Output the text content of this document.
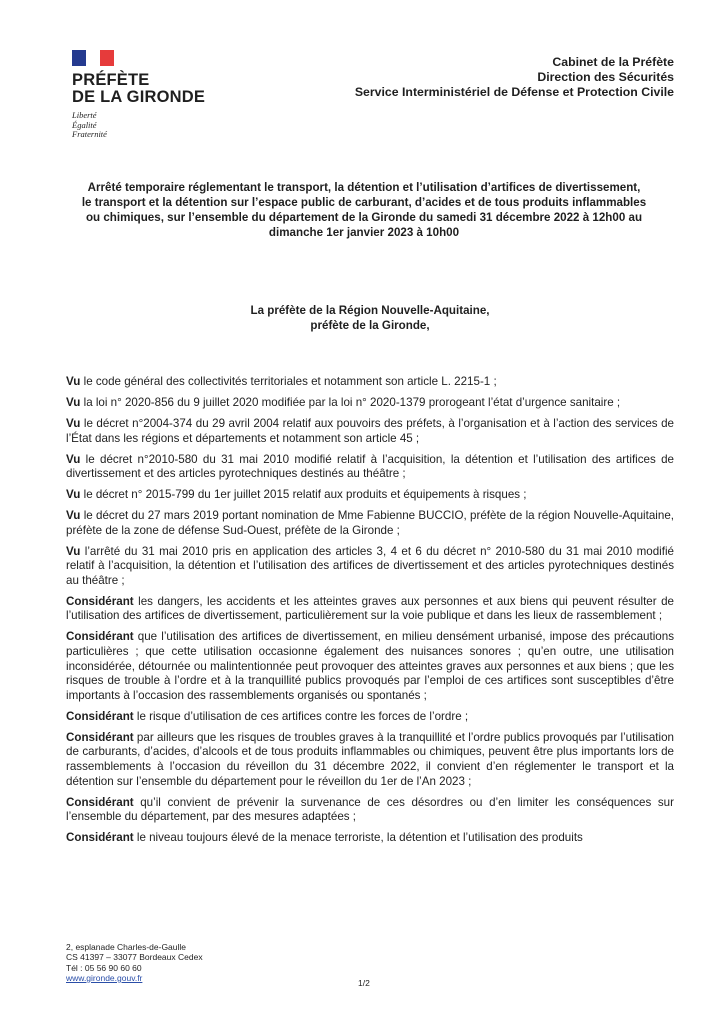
PRÉFÈTE
DE LA GIRONDE
Liberté
Égalité
Fraternité
Cabinet de la Préfète
Direction des Sécurités
Service Interministériel de Défense et Protection Civile
Arrêté temporaire réglementant le transport, la détention et l’utilisation d’artifices de divertissement,
le transport et la détention sur l’espace public de carburant, d’acides et de tous produits inflammables
ou chimiques, sur l’ensemble du département de la Gironde du samedi 31 décembre 2022 à 12h00 au
dimanche 1er janvier 2023 à 10h00
La préfète de la Région Nouvelle-Aquitaine,
préfète de la Gironde,

Vu le code général des collectivités territoriales et notamment son article L. 2215-1 ;

Vu la loi n° 2020-856 du 9 juillet 2020 modifiée par la loi n° 2020-1379 prorogeant l’état d’urgence sanitaire ;

Vu le décret n°2004-374 du 29 avril 2004 relatif aux pouvoirs des préfets, à l’organisation et à l’action des services de l’État dans les régions et départements et notamment son article 45 ;

Vu le décret n°2010-580 du 31 mai 2010 modifié relatif à l’acquisition, la détention et l’utilisation des artifices de divertissement et des articles pyrotechniques destinés au théâtre ;

Vu le décret n° 2015-799 du 1er juillet 2015 relatif aux produits et équipements à risques ;

Vu le décret du 27 mars 2019 portant nomination de Mme Fabienne BUCCIO, préfète de la région Nouvelle-Aquitaine, préfète de la zone de défense Sud-Ouest, préfète de la Gironde ;

Vu l’arrêté du 31 mai 2010 pris en application des articles 3, 4 et 6 du décret n° 2010-580 du 31 mai 2010 modifié relatif à l’acquisition, la détention et l’utilisation des artifices de divertissement et des articles pyrotechniques destinés au théâtre ;

Considérant les dangers, les accidents et les atteintes graves aux personnes et aux biens qui peuvent résulter de l’utilisation des artifices de divertissement, particulièrement sur la voie publique et dans les lieux de rassemblement ;

Considérant que l’utilisation des artifices de divertissement, en milieu densément urbanisé, impose des précautions particulières ; que cette utilisation occasionne également des nuisances sonores ; qu’en outre, une utilisation inconsidérée, détournée ou malintentionnée peut provoquer des atteintes graves aux personnes et aux biens ; que les risques de trouble à l’ordre et à la tranquillité publics provoqués par l’emploi de ces artifices sont susceptibles d’être importants à l’occasion des rassemblements organisés ou spontanés ;

Considérant le risque d’utilisation de ces artifices contre les forces de l’ordre ;

Considérant par ailleurs que les risques de troubles graves à la tranquillité et l’ordre publics provoqués par l’utilisation de carburants, d’acides, d’alcools et de tous produits inflammables ou chimiques, peuvent être plus importants lors de rassemblements à l’occasion du réveillon du 31 décembre 2022, il convient d’en réglementer le transport et la détention sur l’ensemble du département pour le réveillon du 1er de l’An 2023 ;

Considérant qu’il convient de prévenir la survenance de ces désordres ou d’en limiter les conséquences sur l’ensemble du département, par des mesures adaptées ;

Considérant le niveau toujours élevé de la menace terroriste, la détention et l’utilisation des produits

2, esplanade Charles-de-Gaulle
CS 41397 – 33077 Bordeaux Cedex
Tél : 05 56 90 60 60
www.gironde.gouv.fr
1/2
